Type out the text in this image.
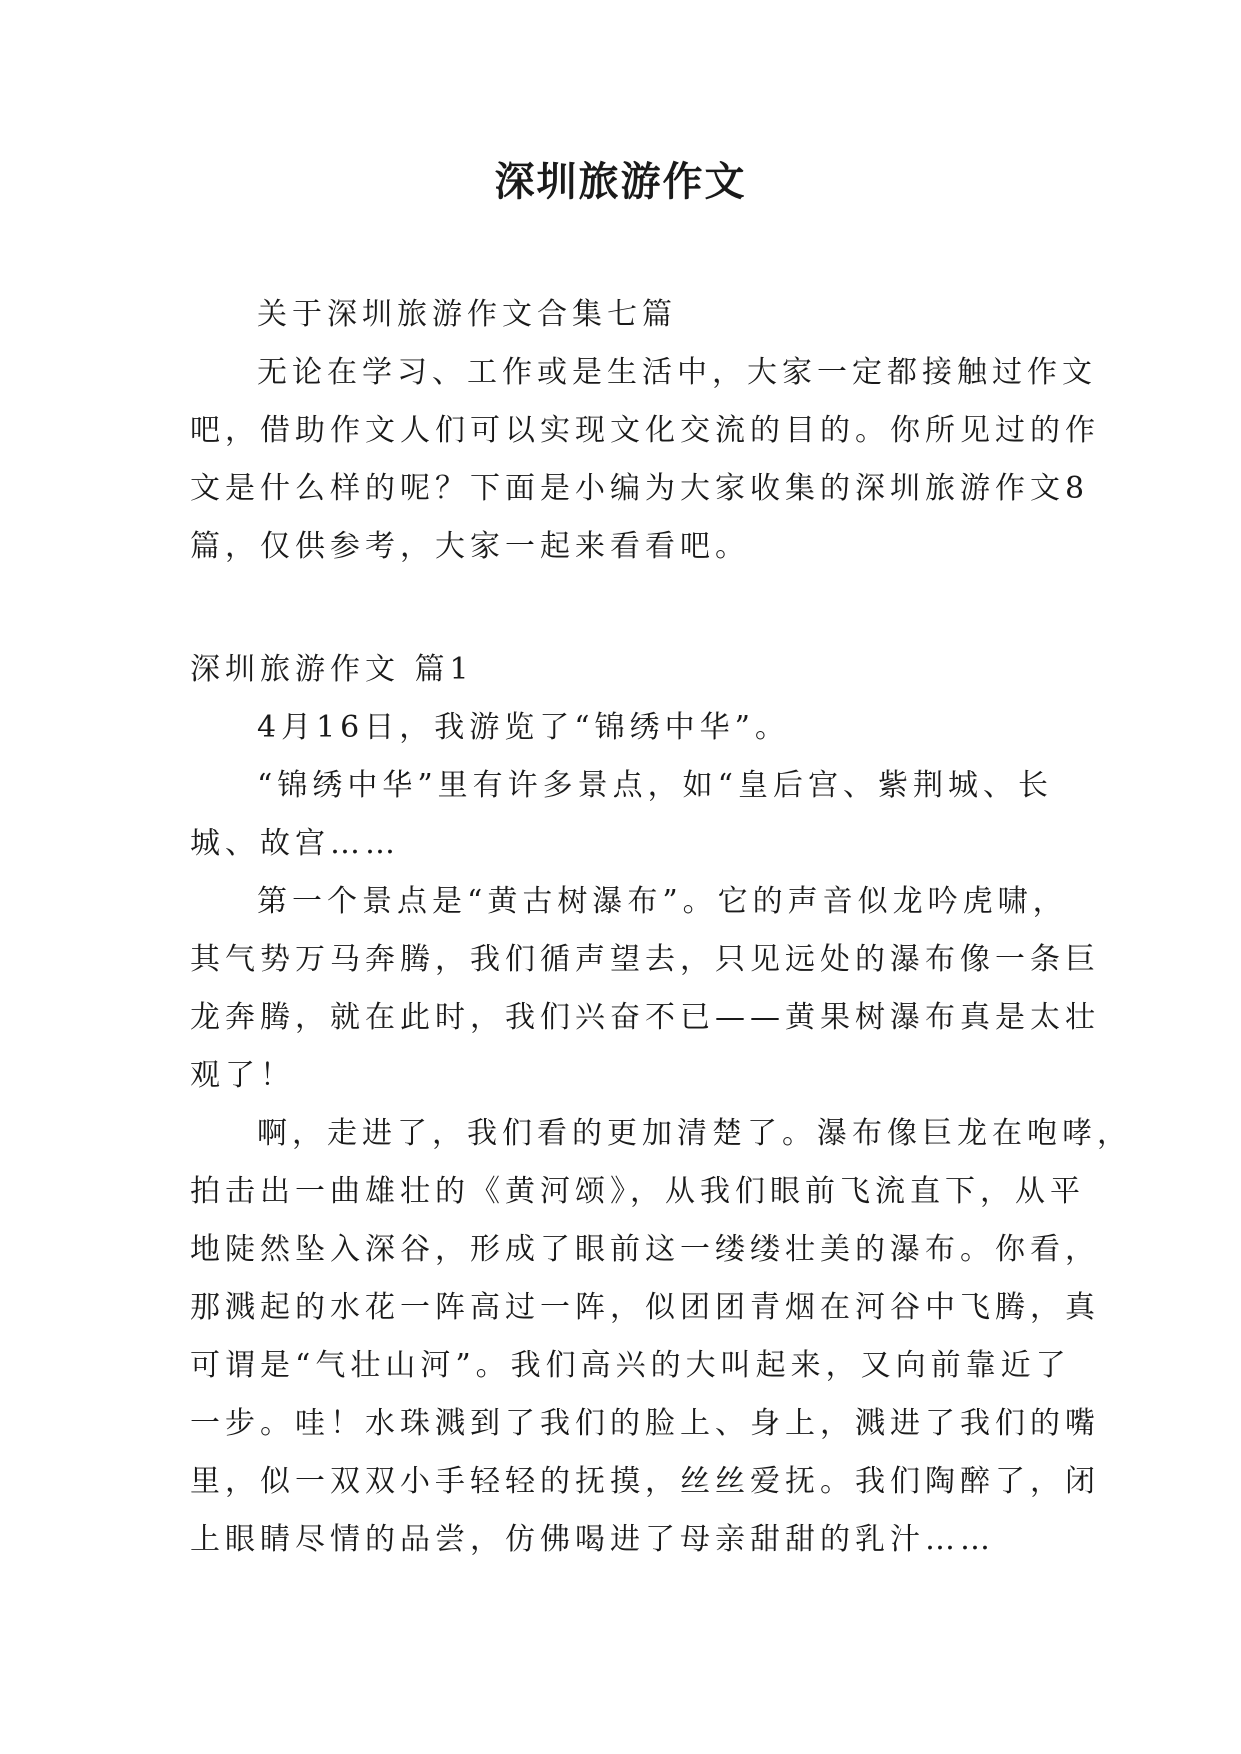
深圳旅游作文
关于深圳旅游作文合集七篇
无论在学习、工作或是生活中，大家一定都接触过作文
吧，借助作文人们可以实现文化交流的目的。你所见过的作
文是什么样的呢？下面是小编为大家收集的深圳旅游作文8
篇，仅供参考，大家一起来看看吧。
深圳旅游作文 篇1
4月16日，我游览了“锦绣中华”。
“锦绣中华”里有许多景点，如“皇后宫、紫荆城、长
城、故宫……
第一个景点是“黄古树瀑布”。它的声音似龙吟虎啸，
其气势万马奔腾，我们循声望去，只见远处的瀑布像一条巨
龙奔腾，就在此时，我们兴奋不已——黄果树瀑布真是太壮
观了！
啊，走进了，我们看的更加清楚了。瀑布像巨龙在咆哮，
拍击出一曲雄壮的《黄河颂》，从我们眼前飞流直下，从平
地陡然坠入深谷，形成了眼前这一缕缕壮美的瀑布。你看，
那溅起的水花一阵高过一阵，似团团青烟在河谷中飞腾，真
可谓是“气壮山河”。我们高兴的大叫起来，又向前靠近了
一步。哇！水珠溅到了我们的脸上、身上，溅进了我们的嘴
里，似一双双小手轻轻的抚摸，丝丝爱抚。我们陶醉了，闭
上眼睛尽情的品尝，仿佛喝进了母亲甜甜的乳汁……
